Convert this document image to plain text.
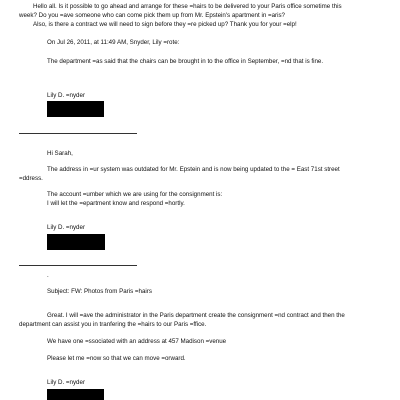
Hello all. Is it possible to go ahead and arrange for these =hairs to be delivered to your Paris office sometime this
week? Do you =ave someone who can come pick them up from Mr. Epstein's apartment in =aris?
Also, is there a contract we will need to sign before they =re picked up? Thank you for your =elp!
On Jul 26, 2011, at 11:49 AM, Snyder, Lily =rote:
The department =as said that the chairs can be brought in to the office in September, =nd that is fine.
Lily D. =nyder
Hi Sarah,
The address in =ur system was outdated for Mr. Epstein and is now being updated to the = East 71st street
=ddress.
The account =umber which we are using for the consignment is:
I will let the =epartment know and respond =hortly.
Lily D. =nyder
.
Subject: FW: Photos from Paris =hairs
Great. I will =ave the administrator in the Paris department create the consignment =nd contract and then the
department can assist you in tranfering the =hairs to our Paris =ffice.
We have one =ssociated with an address at 457 Madison =venue
Please let me =now so that we can move =orward.
Lily D. =nyder
